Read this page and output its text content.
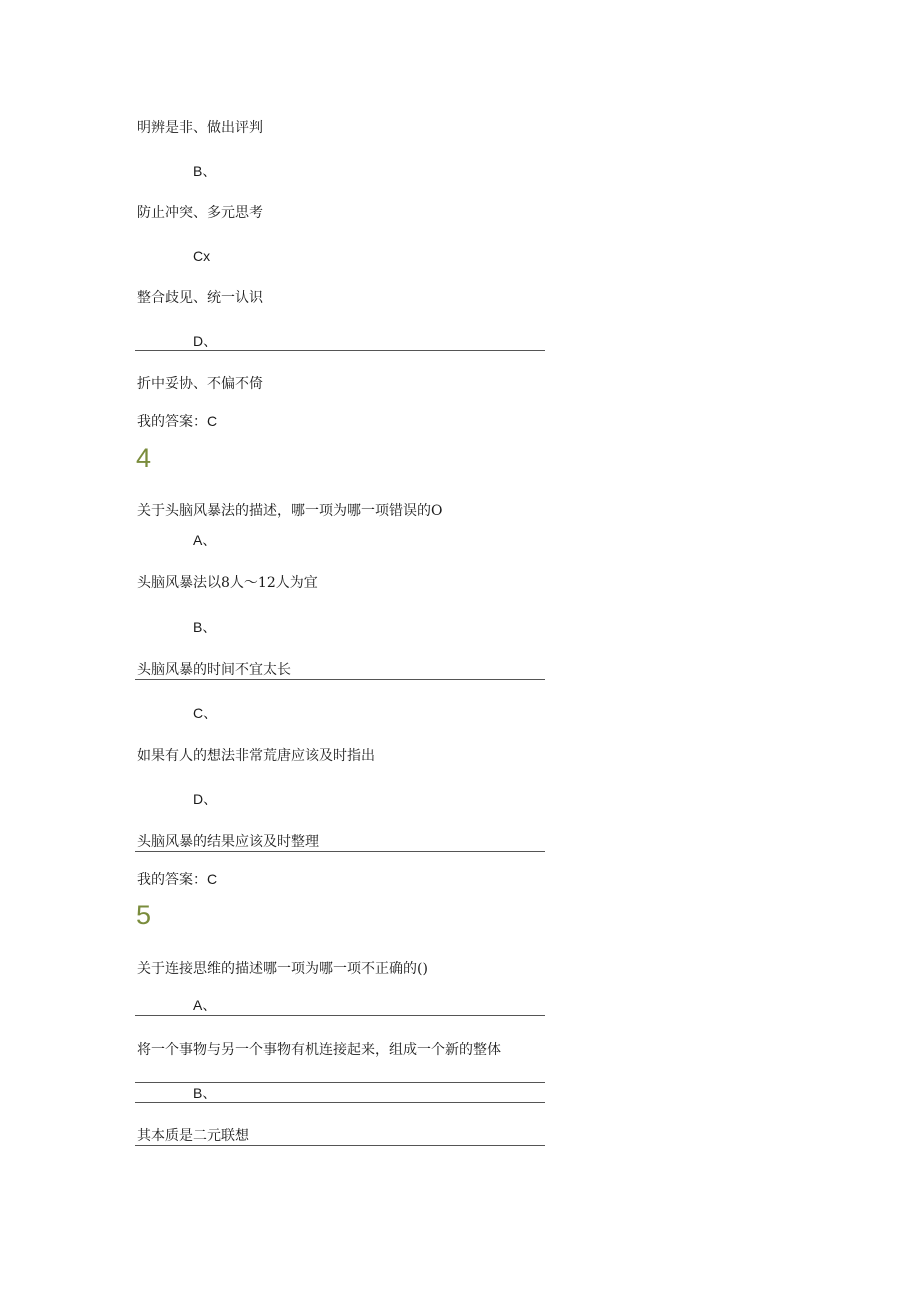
明辨是非、做出评判
B、
防止冲突、多元思考
Cx
整合歧见、统一认识
D、
折中妥协、不偏不倚
我的答案：C
4
关于头脑风暴法的描述，哪一项为哪一项错误的O
A、
头脑风暴法以8人～12人为宜
B、
头脑风暴的时间不宜太长
C、
如果有人的想法非常荒唐应该及时指出
D、
头脑风暴的结果应该及时整理
我的答案：C
5
关于连接思维的描述哪一项为哪一项不正确的()
A、
将一个事物与另一个事物有机连接起来，组成一个新的整体
B、
其本质是二元联想
